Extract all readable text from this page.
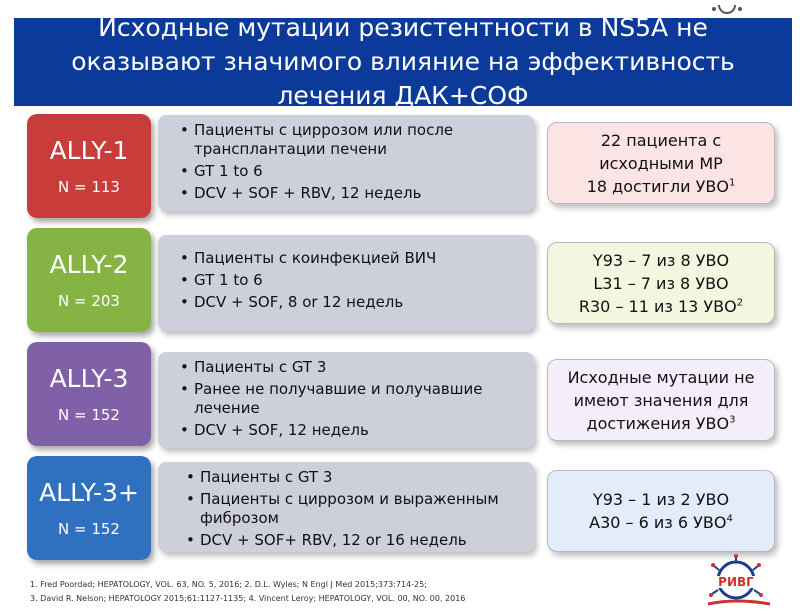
Исходные мутации резистентности в NS5A не оказывают значимого влияние на эффективность лечения ДАК+СОФ
ALLY-1
N = 113
• Пациенты с циррозом или после трансплантации печени
• GT 1 to 6
• DCV + SOF + RBV, 12 недель
22 пациента с
исходными МР
18 достигли УВО$^1$
ALLY-2
N = 203
• Пациенты с коинфекцией ВИЧ
• GT 1 to 6
• DCV + SOF, 8 or 12 недель
Y93 – 7 из 8 УВО
L31 – 7 из 8 УВО
R30 – 11 из 13 УВО$^2$
ALLY-3
N = 152
• Пациенты с GT 3
• Ранее не получавшие и получавшие лечение
• DCV + SOF, 12 недель
Исходные мутации не
имеют значения для
достижения УВО$^3$
ALLY-3+
N = 152
• Пациенты с GT 3
• Пациенты с циррозом и выраженным фиброзом
• DCV + SOF+ RBV, 12 or 16 недель
Y93 – 1 из 2 УВО
A30 – 6 из 6 УВО$^4$
1. Fred Poordad; HEPATOLOGY, VOL. 63, NO. 5, 2016; 2. D.L. Wyles; N Engl J Med 2015;373:714-25;
3. David R. Nelson; HEPATOLOGY 2015;61:1127-1135; 4. Vincent Leroy; HEPATOLOGY, VOL. 00, NO. 00, 2016
РИВГ
